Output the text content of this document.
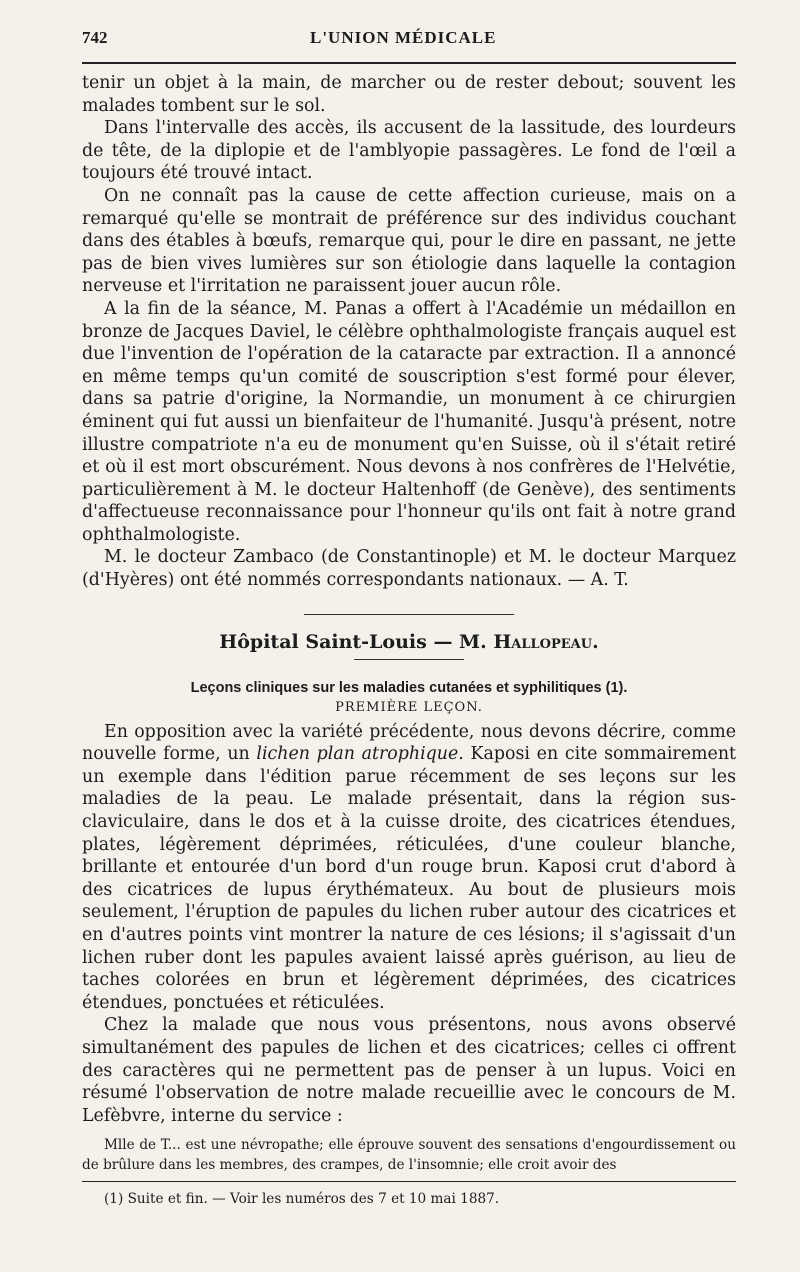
742	L'UNION MÉDICALE

tenir un objet à la main, de marcher ou de rester debout; souvent les malades tombent sur le sol.

Dans l'intervalle des accès, ils accusent de la lassitude, des lourdeurs de tête, de la diplopie et de l'amblyopie passagères. Le fond de l'œil a toujours été trouvé intact.

On ne connaît pas la cause de cette affection curieuse, mais on a remarqué qu'elle se montrait de préférence sur des individus couchant dans des étables à bœufs, remarque qui, pour le dire en passant, ne jette pas de bien vives lumières sur son étiologie dans laquelle la contagion nerveuse et l'irritation ne paraissent jouer aucun rôle.

A la fin de la séance, M. Panas a offert à l'Académie un médaillon en bronze de Jacques Daviel, le célèbre ophthalmologiste français auquel est due l'invention de l'opération de la cataracte par extraction. Il a annoncé en même temps qu'un comité de souscription s'est formé pour élever, dans sa patrie d'origine, la Normandie, un monument à ce chirurgien éminent qui fut aussi un bienfaiteur de l'humanité. Jusqu'à présent, notre illustre compatriote n'a eu de monument qu'en Suisse, où il s'était retiré et où il est mort obscurément. Nous devons à nos confrères de l'Helvétie, particulièrement à M. le docteur Haltenhoff (de Genève), des sentiments d'affectueuse reconnaissance pour l'honneur qu'ils ont fait à notre grand ophthalmologiste.

M. le docteur Zambaco (de Constantinople) et M. le docteur Marquez (d'Hyères) ont été nommés correspondants nationaux. — A. T.

Hôpital Saint-Louis — M. Hallopeau.
Leçons cliniques sur les maladies cutanées et syphilitiques (1).
PREMIÈRE LEÇON.

En opposition avec la variété précédente, nous devons décrire, comme nouvelle forme, un lichen plan atrophique. Kaposi en cite sommairement un exemple dans l'édition parue récemment de ses leçons sur les maladies de la peau. Le malade présentait, dans la région sus-claviculaire, dans le dos et à la cuisse droite, des cicatrices étendues, plates, légèrement déprimées, réticulées, d'une couleur blanche, brillante et entourée d'un bord d'un rouge brun. Kaposi crut d'abord à des cicatrices de lupus érythémateux. Au bout de plusieurs mois seulement, l'éruption de papules du lichen ruber autour des cicatrices et en d'autres points vint montrer la nature de ces lésions; il s'agissait d'un lichen ruber dont les papules avaient laissé après guérison, au lieu de taches colorées en brun et légèrement déprimées, des cicatrices étendues, ponctuées et réticulées.

Chez la malade que nous vous présentons, nous avons observé simultanément des papules de lichen et des cicatrices; celles ci offrent des caractères qui ne permettent pas de penser à un lupus. Voici en résumé l'observation de notre malade recueillie avec le concours de M. Lefèbvre, interne du service :

Mlle de T... est une névropathe; elle éprouve souvent des sensations d'engourdissement ou de brûlure dans les membres, des crampes, de l'insomnie; elle croit avoir des

(1) Suite et fin. — Voir les numéros des 7 et 10 mai 1887.
